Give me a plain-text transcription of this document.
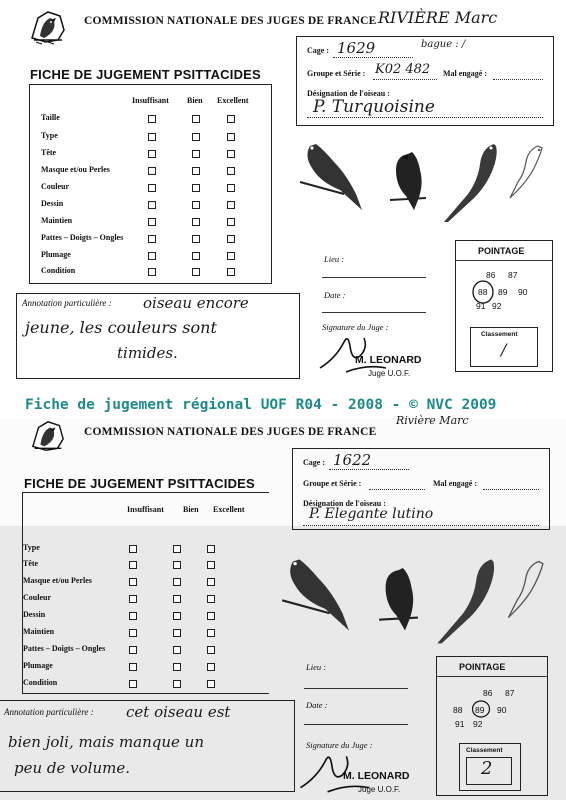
COMMISSION NATIONALE DES JUGES DE FRANCE RIVIÈRE Marc
FICHE DE JUGEMENT PSITTACIDES
Insuffisant Bien Excellent
Taille
Type
Tête
Masque et/ou Perles
Couleur
Dessin
Maintien
Pattes – Doigts – Ongles
Plumage
Condition
Cage : 1629	bague : /
Groupe et Série : K02 482 Mal engagé :
Désignation de l'oiseau :
P. Turquoisine
Lieu :
Date :
Signature du Juge :
M. LEONARD
Juge U.O.F.
POINTAGE
86 87
88 89 90
91 92
Classement
/
Annotation particulière : oiseau encore
jeune, les couleurs sont
timides.
Fiche de jugement régional UOF R04 - 2008 - © NVC 2009
COMMISSION NATIONALE DES JUGES DE FRANCE
Rivière Marc
FICHE DE JUGEMENT PSITTACIDES
Insuffisant Bien Excellent
Type
Tête
Masque et/ou Perles
Couleur
Dessin
Maintien
Pattes – Doigts – Ongles
Plumage
Condition
Cage : 1622
Groupe et Série :	Mal engagé :
Désignation de l'oiseau :
P. Elegante lutino
Lieu :
Date :
Signature du Juge :
M. LEONARD
Juge U.O.F.
POINTAGE
86 87
88 89 90
91 92
Classement
2
Annotation particulière : cet oiseau est
bien joli, mais manque un
peu de volume.
